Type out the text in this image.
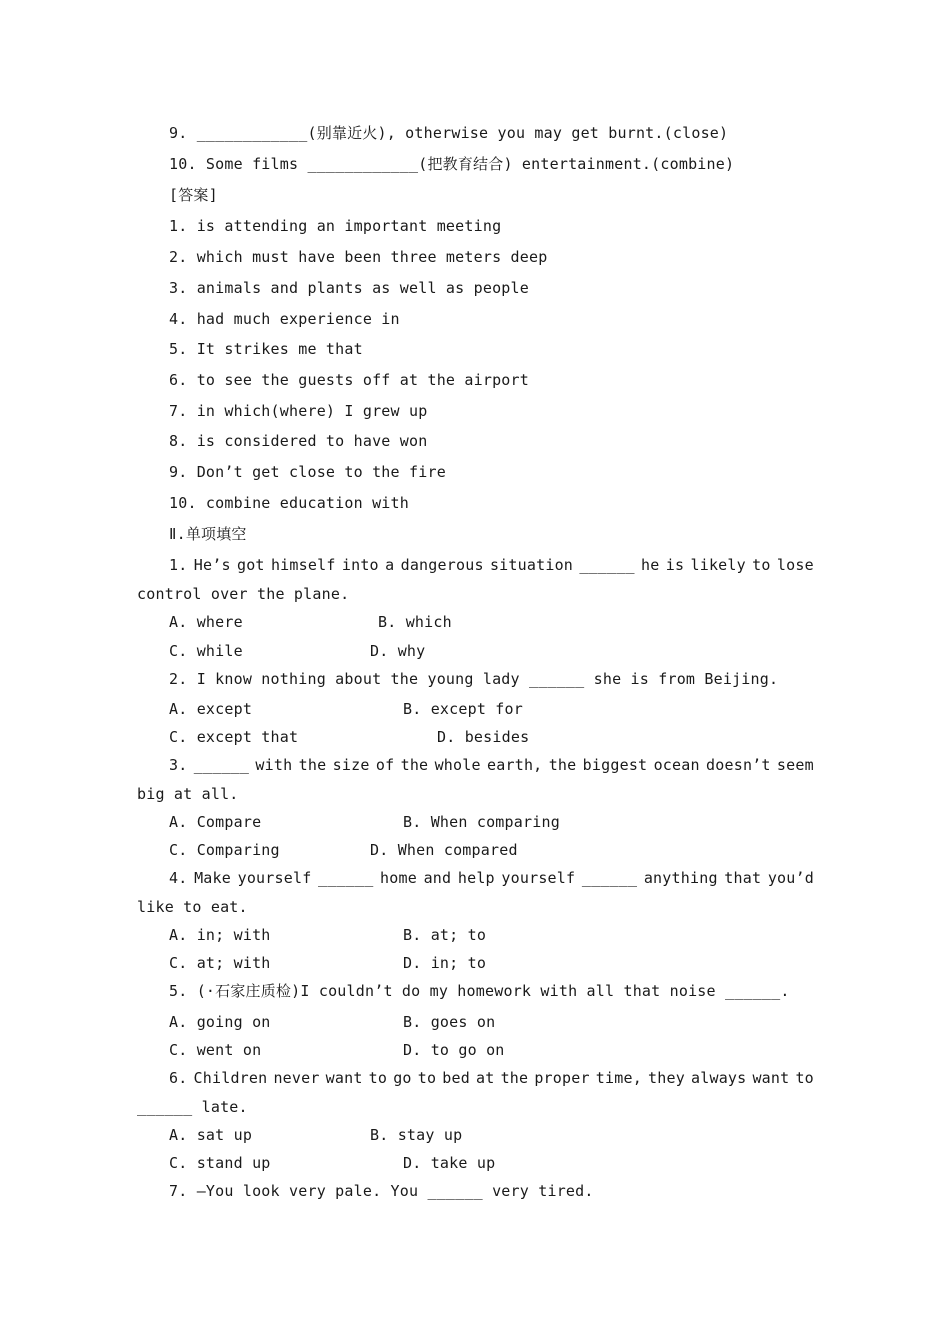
9. ____________(别靠近火), otherwise you may get burnt.(close)
10. Some films ____________(把教育结合) entertainment.(combine)
[答案]
1. is attending an important meeting
2. which must have been three meters deep
3. animals and plants as well as people
4. had much experience in
5. It strikes me that
6. to see the guests off at the airport
7. in which(where) I grew up
8. is considered to have won
9. Don’t get close to the fire
10. combine education with
Ⅱ.单项填空
1. He’s got himself into a dangerous situation ______ he is likely to lose
control over the plane.
A. where	B. which
C. while	D. why
2. I know nothing about the young lady ______ she is from Beijing.
A. except	B. except for
C. except that	D. besides
3. ______ with the size of the whole earth, the biggest ocean doesn’t seem
big at all.
A. Compare	B. When comparing
C. Comparing	D. When compared
4. Make yourself ______ home and help yourself ______ anything that you’d
like to eat.
A. in; with	B. at; to
C. at; with	D. in; to
5. (·石家庄质检)I couldn’t do my homework with all that noise ______.
A. going on	B. goes on
C. went on	D. to go on
6. Children never want to go to bed at the proper time, they always want to
______ late.
A. sat up	B. stay up
C. stand up	D. take up
7. —You look very pale. You ______ very tired.
